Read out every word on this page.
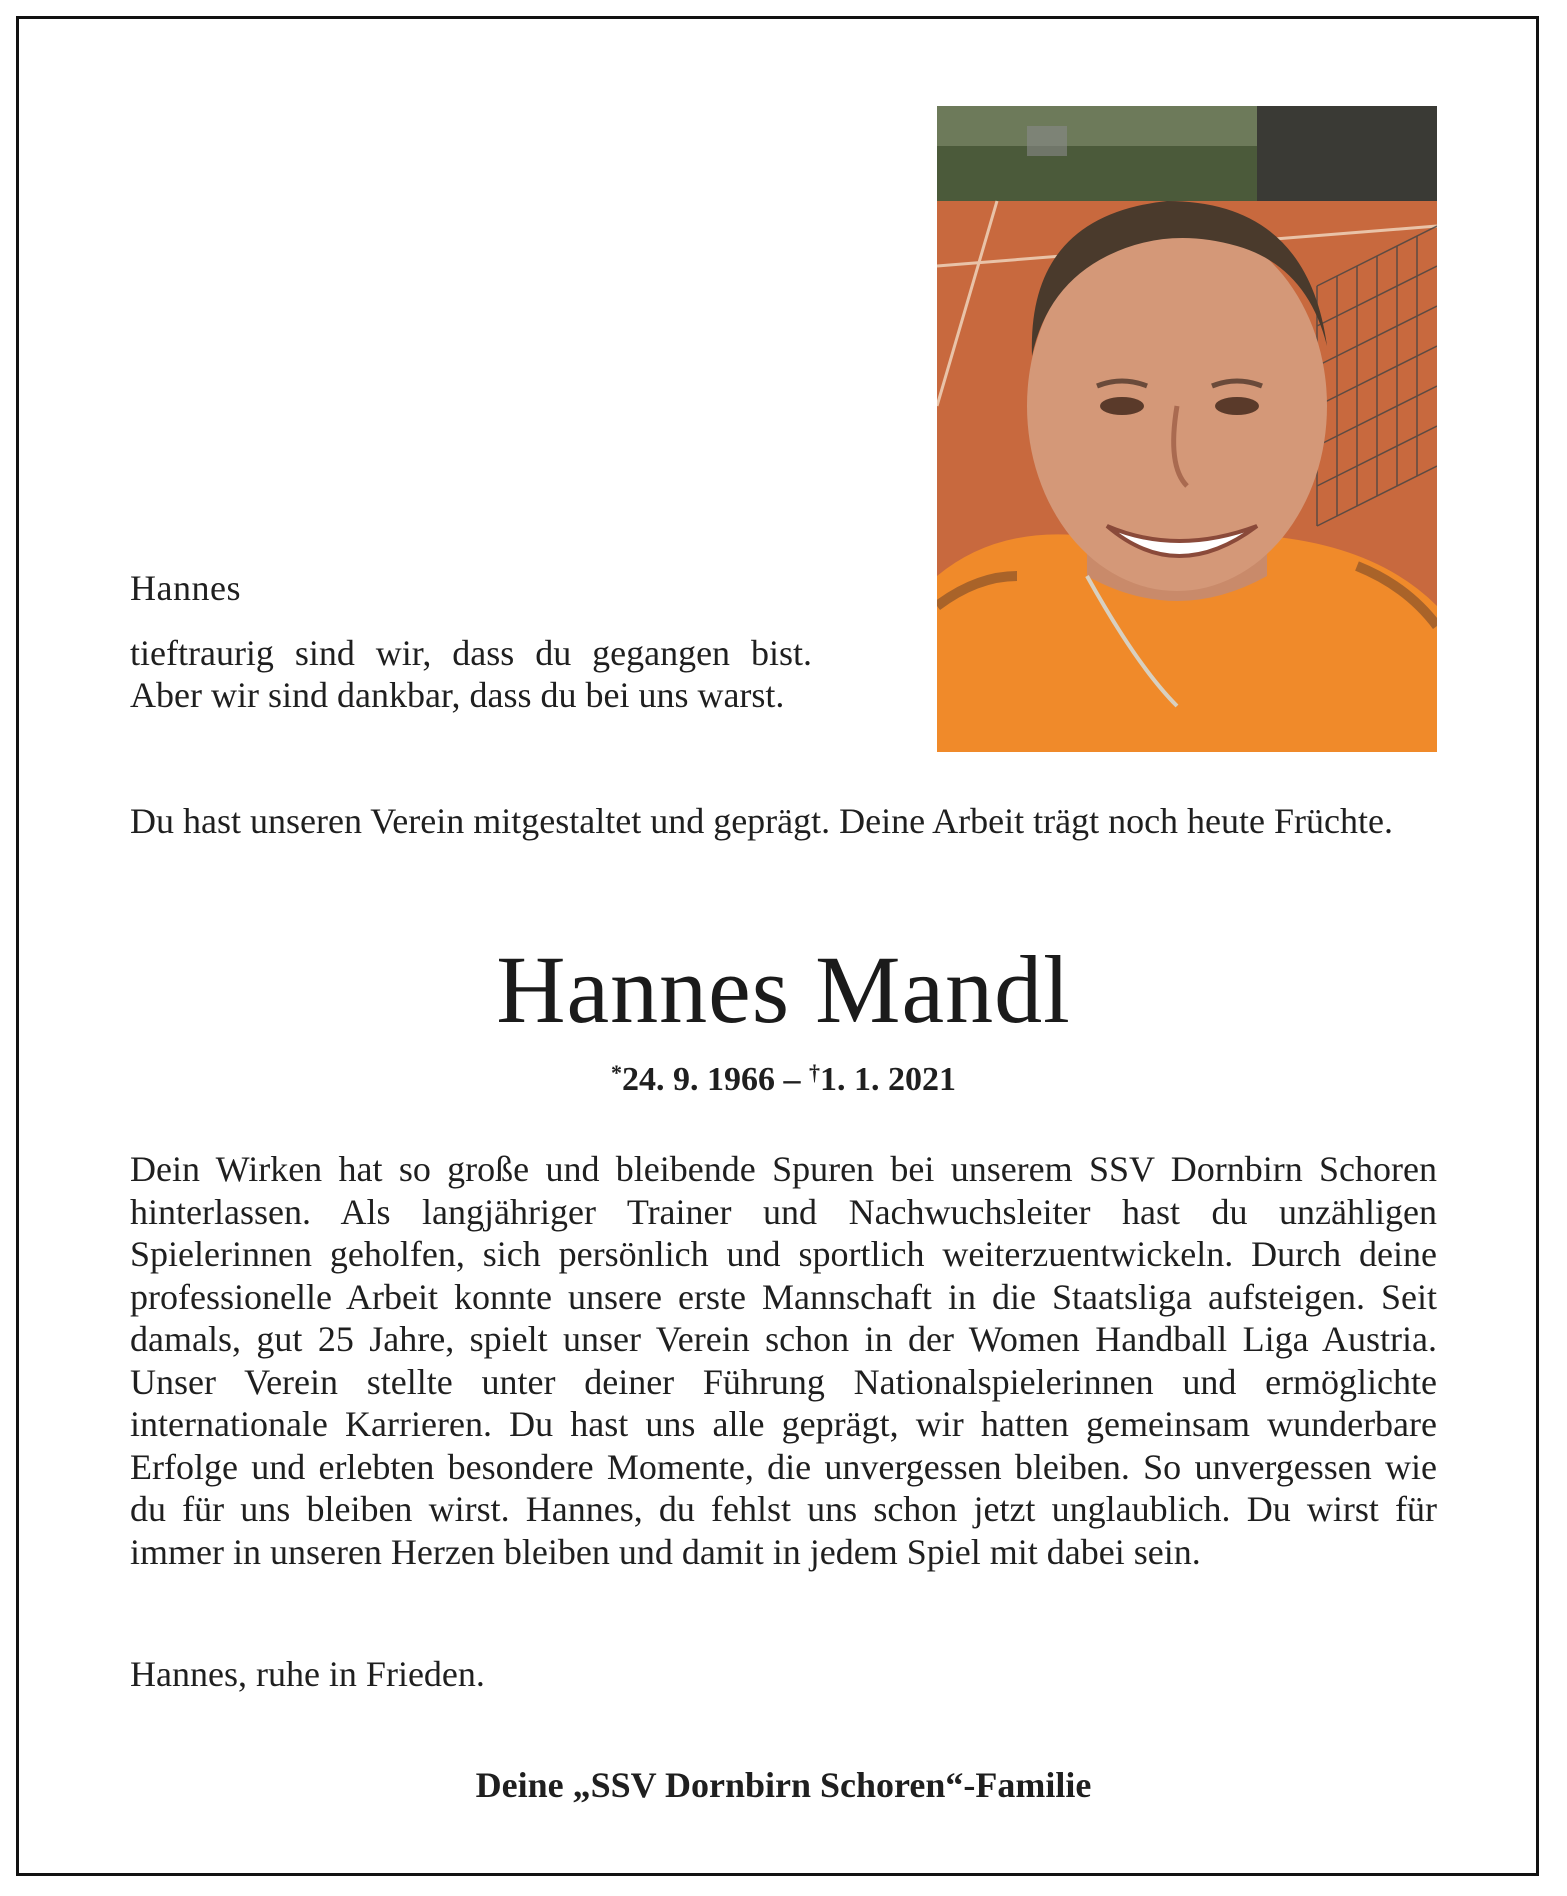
Hannes

tieftraurig sind wir, dass du gegangen bist. Aber wir sind dankbar, dass du bei uns warst.

Du hast unseren Verein mitgestaltet und geprägt. Deine Arbeit trägt noch heute Früchte.

Hannes Mandl
*24. 9. 1966 – †1. 1. 2021

Dein Wirken hat so große und bleibende Spuren bei unserem SSV Dornbirn Schoren hinterlassen. Als langjähriger Trainer und Nachwuchsleiter hast du unzähligen Spielerinnen geholfen, sich persönlich und sportlich weiterzuentwickeln. Durch deine professionelle Arbeit konnte unsere erste Mannschaft in die Staatsliga aufsteigen. Seit damals, gut 25 Jahre, spielt unser Verein schon in der Women Handball Liga Austria. Unser Verein stellte unter deiner Führung Nationalspielerinnen und ermöglichte internationale Karrieren. Du hast uns alle geprägt, wir hatten gemeinsam wunderbare Erfolge und erlebten besondere Momente, die unvergessen bleiben. So unvergessen wie du für uns bleiben wirst. Hannes, du fehlst uns schon jetzt unglaublich. Du wirst für immer in unseren Herzen bleiben und damit in jedem Spiel mit dabei sein.

Hannes, ruhe in Frieden.
Deine „SSV Dornbirn Schoren“-Familie
